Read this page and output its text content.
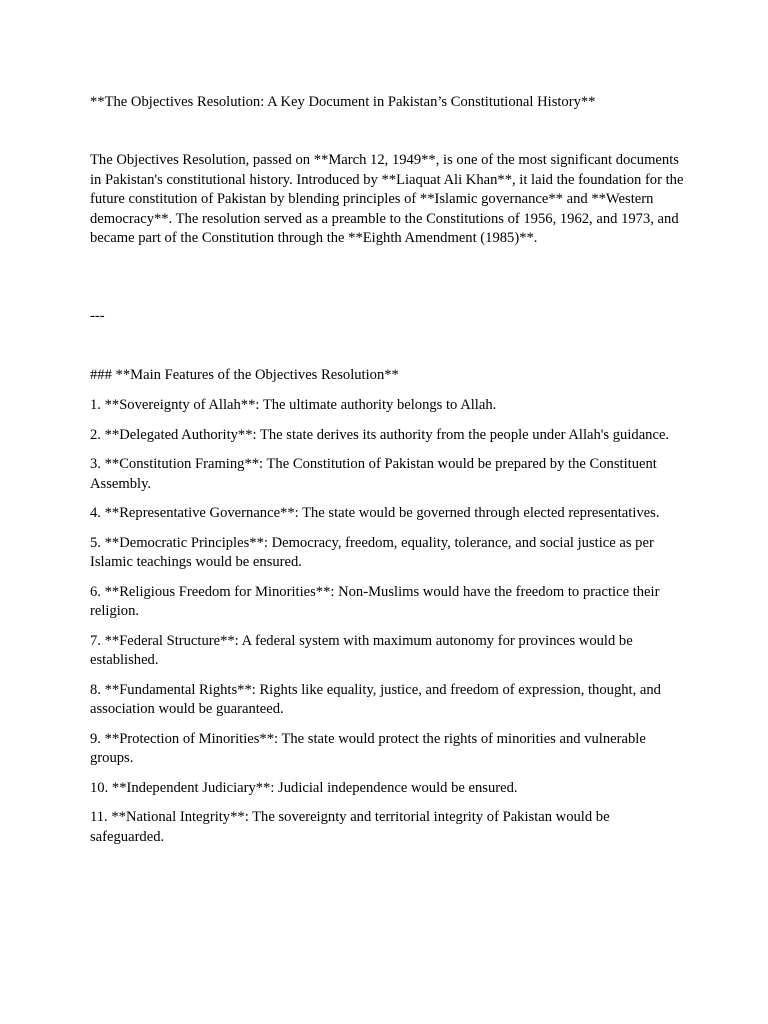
**The Objectives Resolution: A Key Document in Pakistan’s Constitutional History**

The Objectives Resolution, passed on **March 12, 1949**, is one of the most significant documents in Pakistan's constitutional history. Introduced by **Liaquat Ali Khan**, it laid the foundation for the future constitution of Pakistan by blending principles of **Islamic governance** and **Western democracy**. The resolution served as a preamble to the Constitutions of 1956, 1962, and 1973, and became part of the Constitution through the **Eighth Amendment (1985)**.

---

### **Main Features of the Objectives Resolution**

1. **Sovereignty of Allah**: The ultimate authority belongs to Allah.
2. **Delegated Authority**: The state derives its authority from the people under Allah's guidance.
3. **Constitution Framing**: The Constitution of Pakistan would be prepared by the Constituent Assembly.
4. **Representative Governance**: The state would be governed through elected representatives.
5. **Democratic Principles**: Democracy, freedom, equality, tolerance, and social justice as per Islamic teachings would be ensured.
6. **Religious Freedom for Minorities**: Non-Muslims would have the freedom to practice their religion.
7. **Federal Structure**: A federal system with maximum autonomy for provinces would be established.
8. **Fundamental Rights**: Rights like equality, justice, and freedom of expression, thought, and association would be guaranteed.
9. **Protection of Minorities**: The state would protect the rights of minorities and vulnerable groups.
10. **Independent Judiciary**: Judicial independence would be ensured.
11. **National Integrity**: The sovereignty and territorial integrity of Pakistan would be safeguarded.
